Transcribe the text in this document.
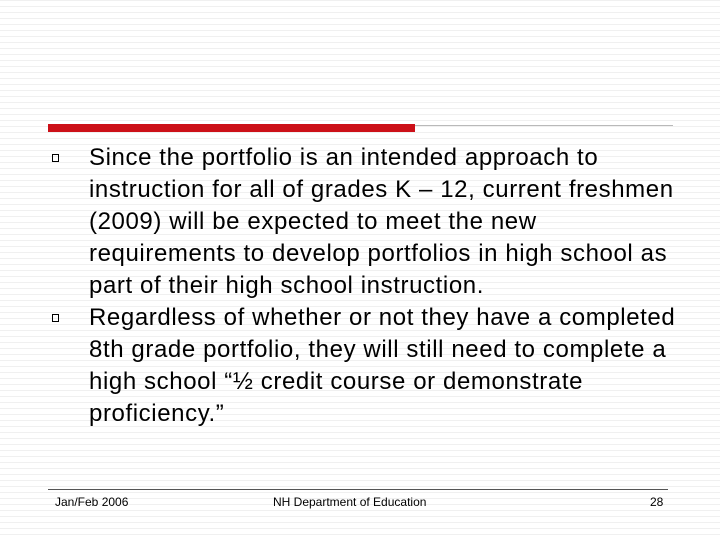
Since the portfolio is an intended approach to instruction for all of grades K – 12, current freshmen (2009) will be expected to meet the new requirements to develop portfolios in high school as part of their high school instruction.
Regardless of whether or not they have a completed 8th grade portfolio, they will still need to complete a high school “½ credit course or demonstrate proficiency.”
Jan/Feb 2006	NH Department of Education	28
